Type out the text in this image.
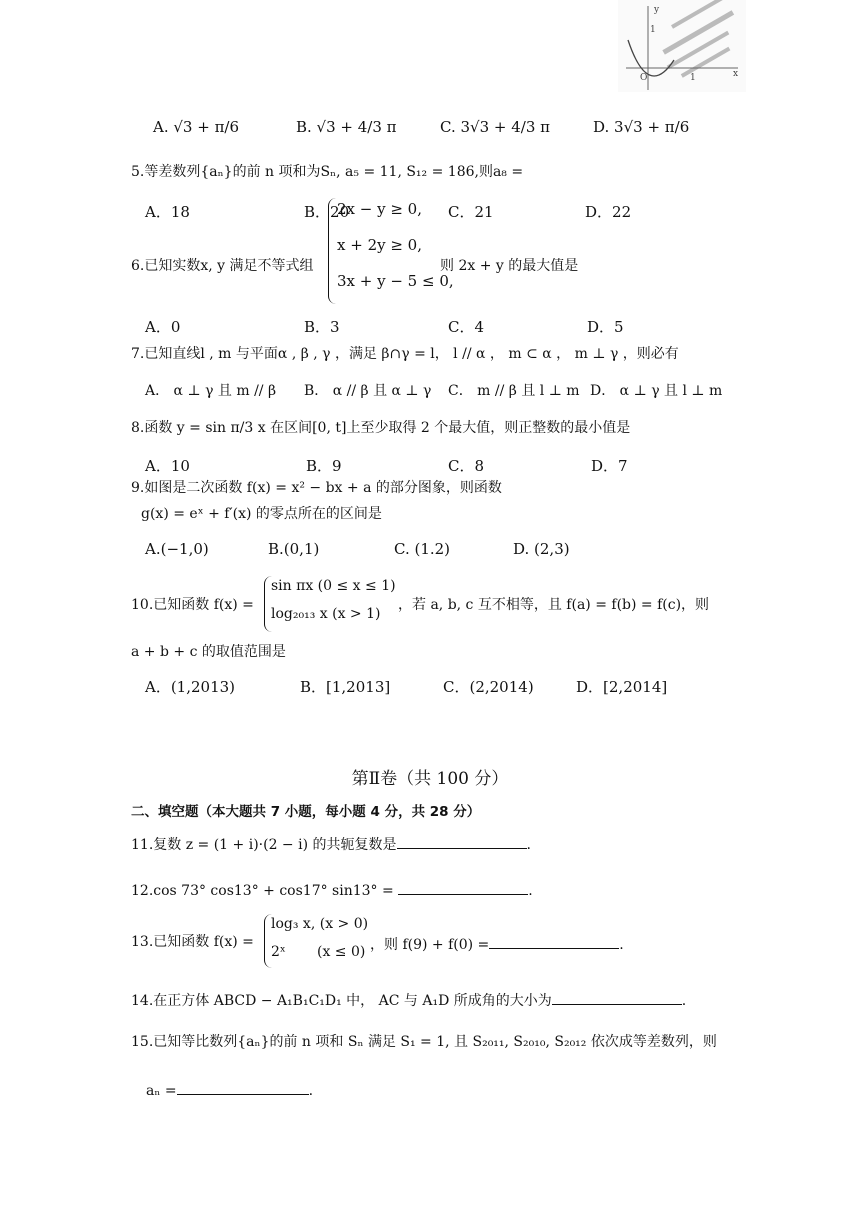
y
1
1	x
O
A. √3 + π/6	B. √3 + 4/3 π	C. 3√3 + 4/3 π	D. 3√3 + π/6
5.等差数列{aₙ}的前 n 项和为Sₙ, a₅ = 11, S₁₂ = 186,则a₈ =
A．18	B．20	C．21	D．22
6.已知实数x, y 满足不等式组
2x − y ≥ 0,
x + 2y ≥ 0,
3x + y − 5 ≤ 0,
则 2x + y 的最大值是
A．0	B．3	C．4	D．5
7.已知直线l , m 与平面α , β , γ ，满足 β∩γ = l， l // α ， m ⊂ α ， m ⊥ γ ，则必有
A． α ⊥ γ 且 m // β B． α // β 且 α ⊥ γ C． m // β 且 l ⊥ m D． α ⊥ γ 且 l ⊥ m
8.函数 y = sin π/3 x 在区间[0, t]上至少取得 2 个最大值，则正整数的最小值是
A．10	B．9	C．8	D．7
9.如图是二次函数 f(x) = x² − bx + a 的部分图象，则函数
g(x) = eˣ + f′(x) 的零点所在的区间是
A.(−1,0)	B.(0,1)	C. (1.2)	D. (2,3)
10.已知函数 f(x) =
sin πx (0 ≤ x ≤ 1)
log₂₀₁₃ x (x > 1)
，若 a, b, c 互不相等，且 f(a) = f(b) = f(c)，则
a + b + c 的取值范围是
A．(1,2013)	B．[1,2013]	C．(2,2014)	D．[2,2014]
第Ⅱ卷（共 100 分）
二、填空题（本大题共 7 小题，每小题 4 分，共 28 分）
11.复数 z = (1 + i)·(2 − i) 的共轭复数是	.
12.cos 73° cos13° + cos17° sin13° =	.
13.已知函数 f(x) =
log₃ x, (x > 0)
2ˣ       (x ≤ 0) ，则 f(9) + f(0) =	.
14.在正方体 ABCD − A₁B₁C₁D₁ 中， AC 与 A₁D 所成角的大小为	.
15.已知等比数列{aₙ}的前 n 项和 Sₙ 满足 S₁ = 1, 且 S₂₀₁₁, S₂₀₁₀, S₂₀₁₂ 依次成等差数列，则
aₙ =	.
